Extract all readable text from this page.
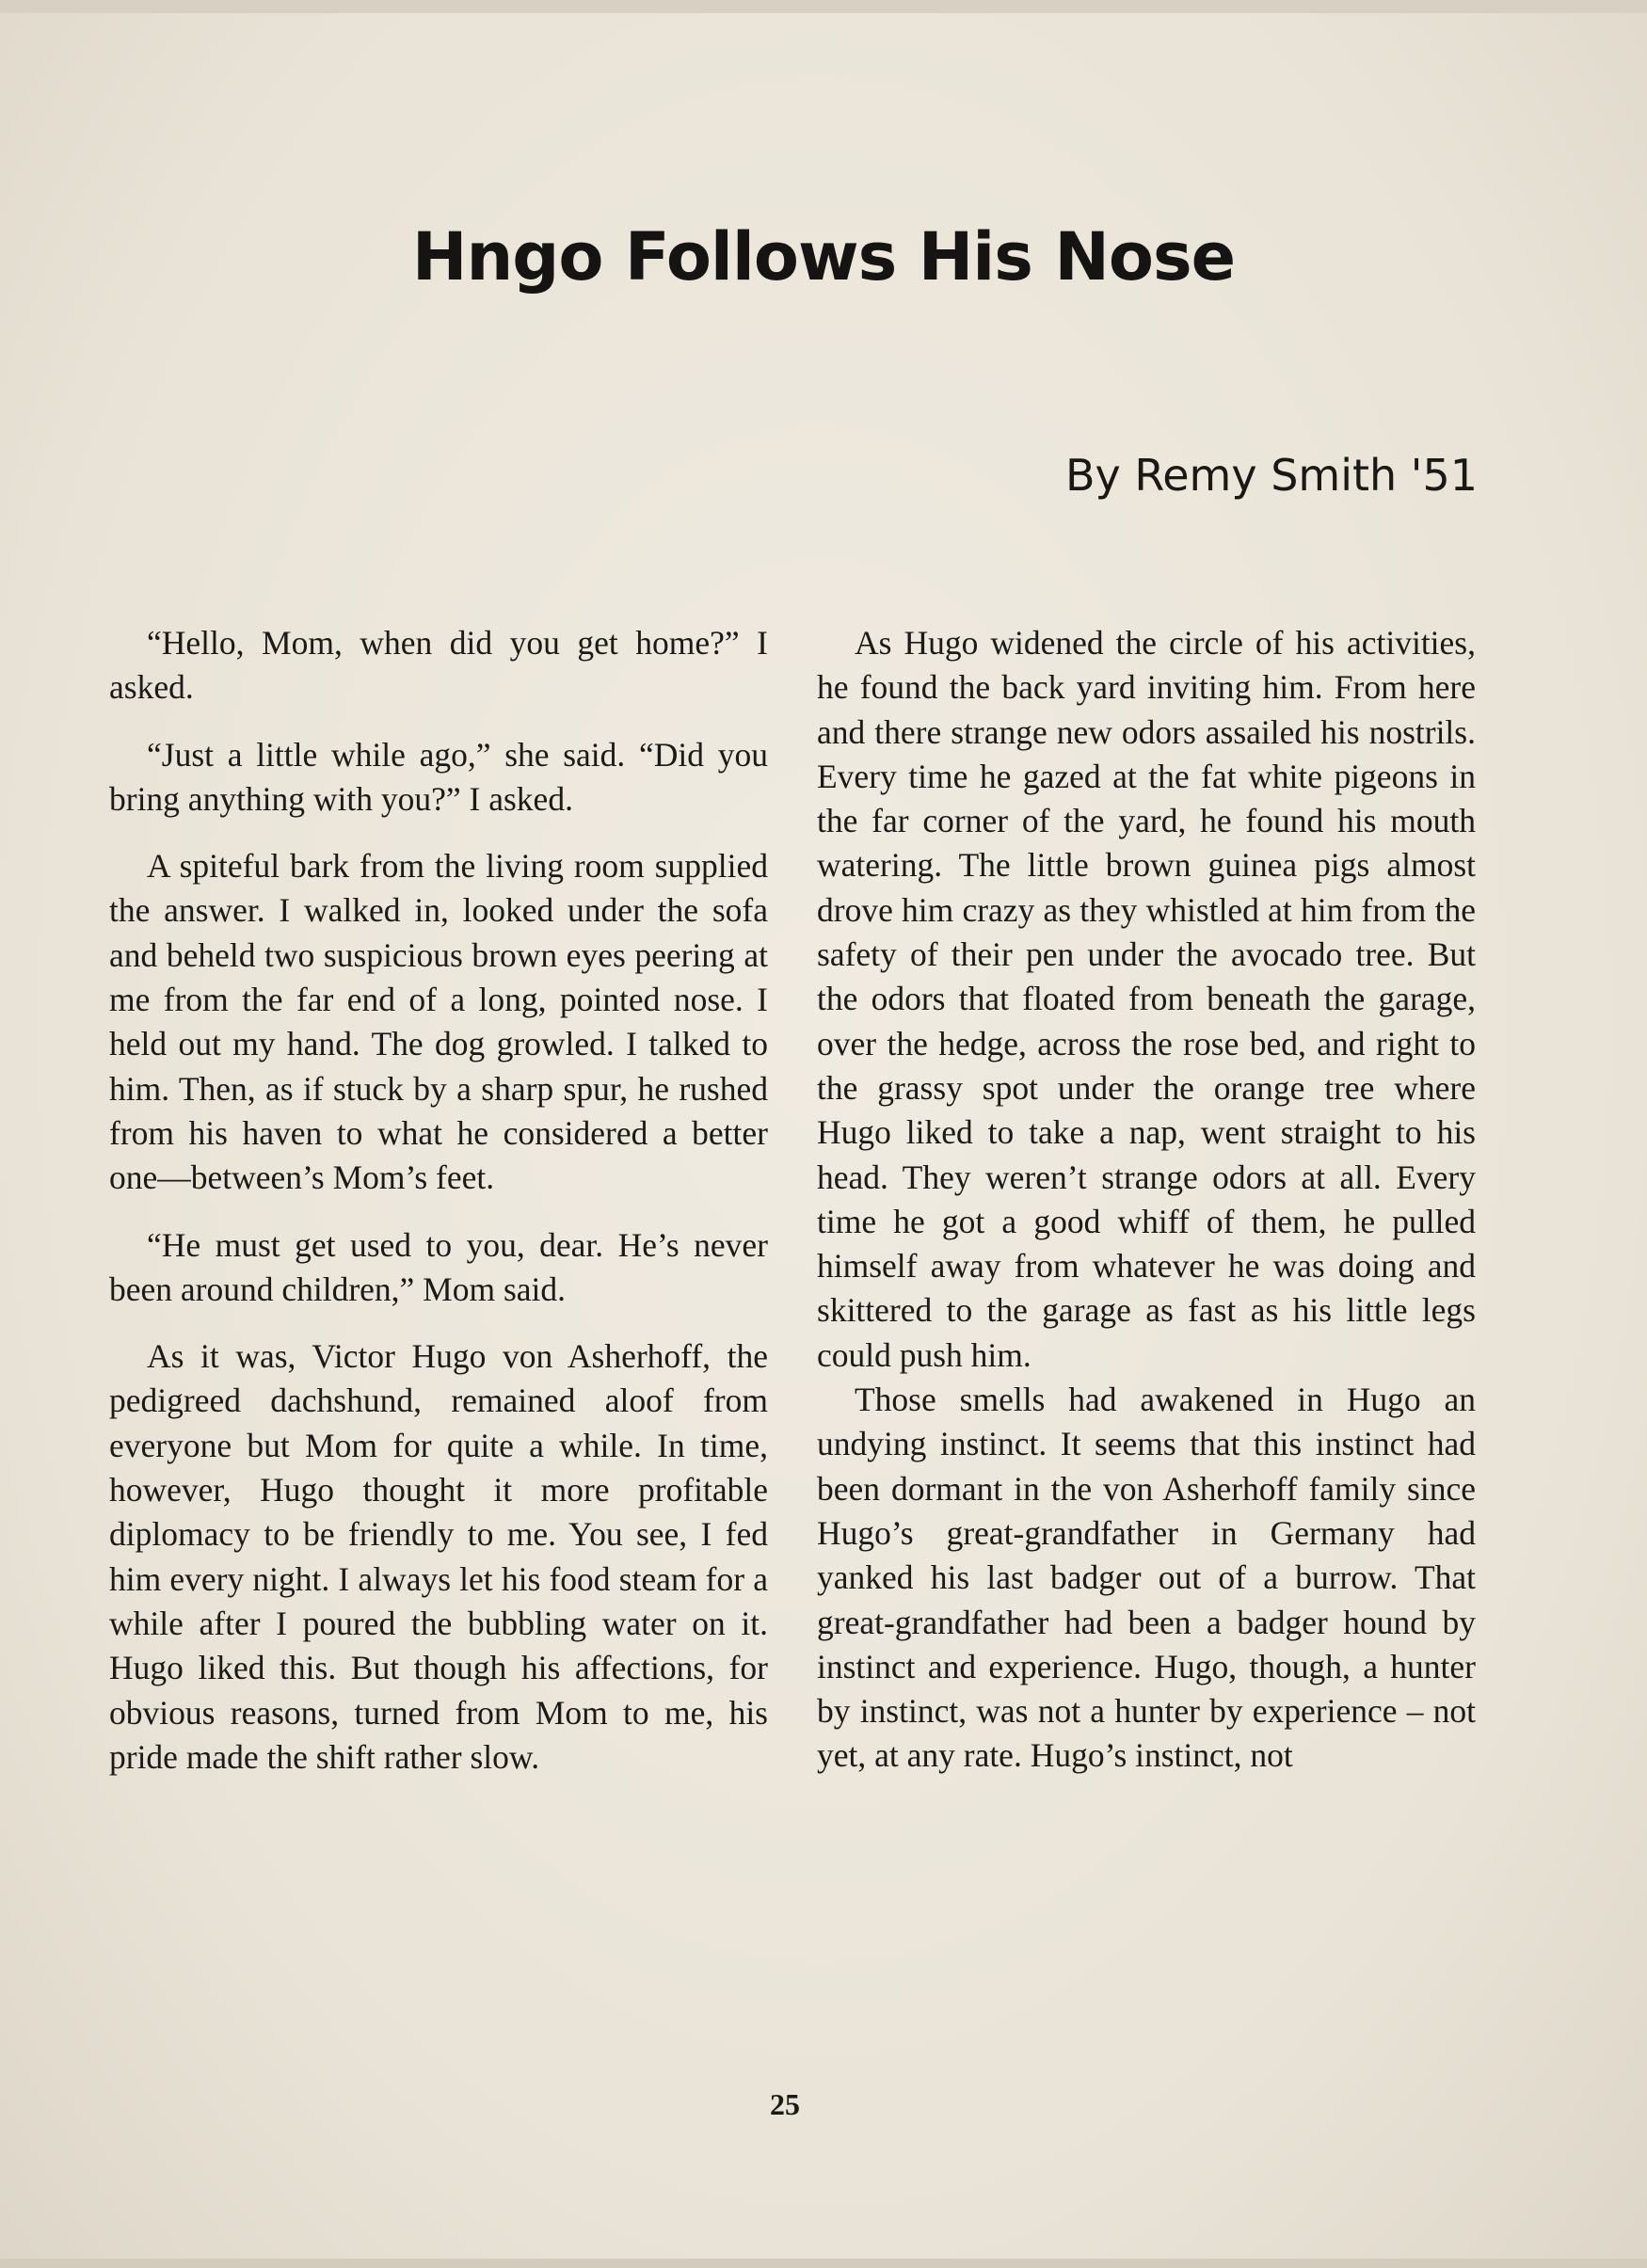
Hngo Follows His Nose

By Remy Smith '51

“Hello, Mom, when did you get home?” I asked.

“Just a little while ago,” she said. “Did you bring anything with you?” I asked.

A spiteful bark from the living room supplied the answer. I walked in, looked under the sofa and beheld two suspicious brown eyes peering at me from the far end of a long, pointed nose. I held out my hand. The dog growled. I talked to him. Then, as if stuck by a sharp spur, he rushed from his haven to what he considered a better one—between’s Mom’s feet.

“He must get used to you, dear. He’s never been around children,” Mom said.

As it was, Victor Hugo von Asherhoff, the pedigreed dachshund, remained aloof from everyone but Mom for quite a while. In time, however, Hugo thought it more profitable diplomacy to be friendly to me. You see, I fed him every night. I always let his food steam for a while after I poured the bubbling water on it. Hugo liked this. But though his affections, for obvious reasons, turned from Mom to me, his pride made the shift rather slow.

As Hugo widened the circle of his activities, he found the back yard inviting him. From here and there strange new odors assailed his nostrils. Every time he gazed at the fat white pigeons in the far corner of the yard, he found his mouth watering. The little brown guinea pigs almost drove him crazy as they whistled at him from the safety of their pen under the avocado tree. But the odors that floated from beneath the garage, over the hedge, across the rose bed, and right to the grassy spot under the orange tree where Hugo liked to take a nap, went straight to his head. They weren’t strange odors at all. Every time he got a good whiff of them, he pulled himself away from whatever he was doing and skittered to the garage as fast as his little legs could push him.

Those smells had awakened in Hugo an undying instinct. It seems that this instinct had been dormant in the von Asherhoff family since Hugo’s great-grandfather in Germany had yanked his last badger out of a burrow. That great-grandfather had been a badger hound by instinct and experience. Hugo, though, a hunter by instinct, was not a hunter by experience – not yet, at any rate. Hugo’s instinct, not

25
